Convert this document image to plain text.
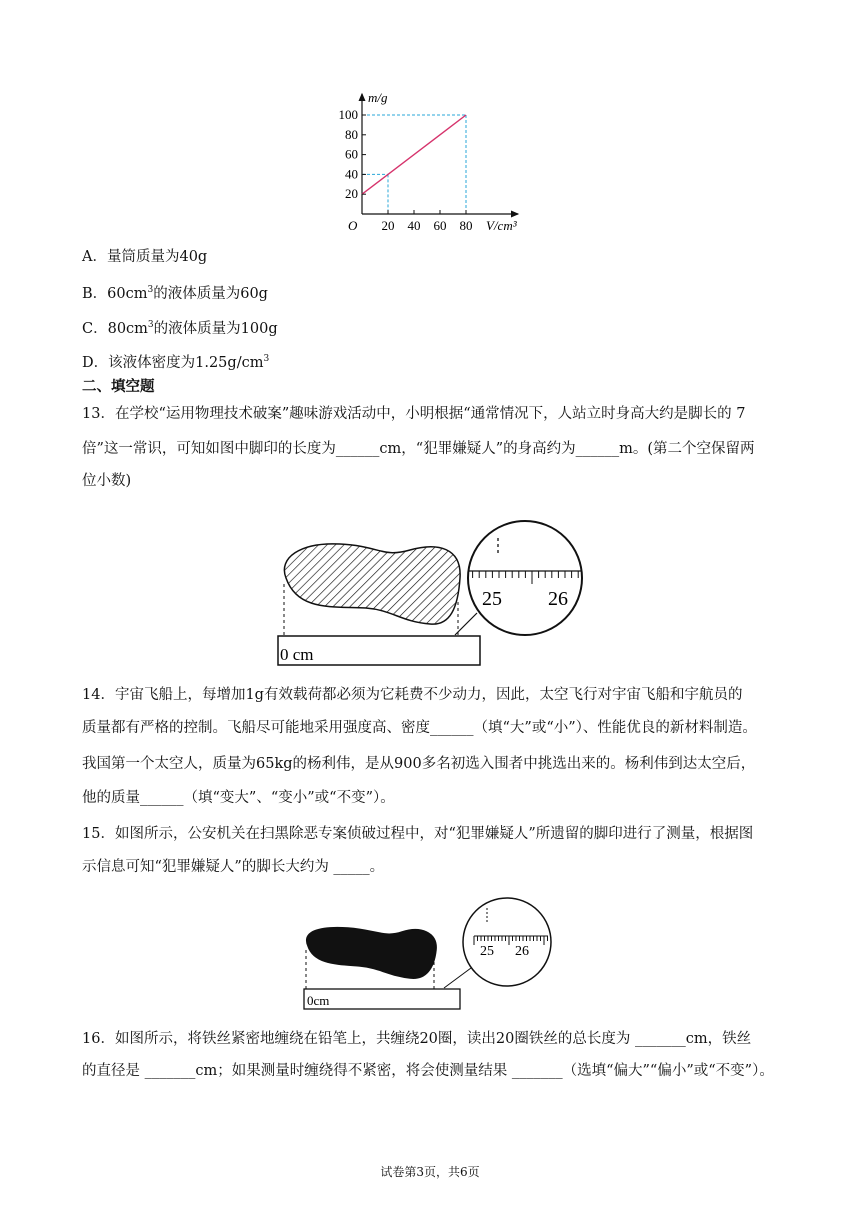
20
40
60
80
100
20 40 60 80
m/g
V/cm³
O
A．量筒质量为40g
B．$60cm^3$的液体质量为60g
C．$80cm^3$的液体质量为100g
D．该液体密度为$1.25g/cm^3$
二、填空题
13．在学校“运用物理技术破案”趣味游戏活动中，小明根据“通常情况下，人站立时身高大约是脚长的 7
倍”这一常识，可知如图中脚印的长度为______cm，“犯罪嫌疑人”的身高约为______m。(第二个空保留两
位小数)
0 cm
25 26
14．宇宙飞船上，每增加1g有效载荷都必须为它耗费不少动力，因此，太空飞行对宇宙飞船和宇航员的
质量都有严格的控制。飞船尽可能地采用强度高、密度______（填“大”或“小”）、性能优良的新材料制造。
我国第一个太空人，质量为65kg的杨利伟，是从900多名初选入围者中挑选出来的。杨利伟到达太空后，
他的质量______（填“变大”、“变小”或“不变”）。
15．如图所示，公安机关在扫黑除恶专案侦破过程中，对“犯罪嫌疑人”所遗留的脚印进行了测量，根据图
示信息可知“犯罪嫌疑人”的脚长大约为 _____。
0cm
25 26
16．如图所示，将铁丝紧密地缠绕在铅笔上，共缠绕20圈，读出20圈铁丝的总长度为 _______cm，铁丝
的直径是 _______cm；如果测量时缠绕得不紧密，将会使测量结果 _______（选填“偏大”“偏小”或“不变”）。
试卷第3页，共6页
